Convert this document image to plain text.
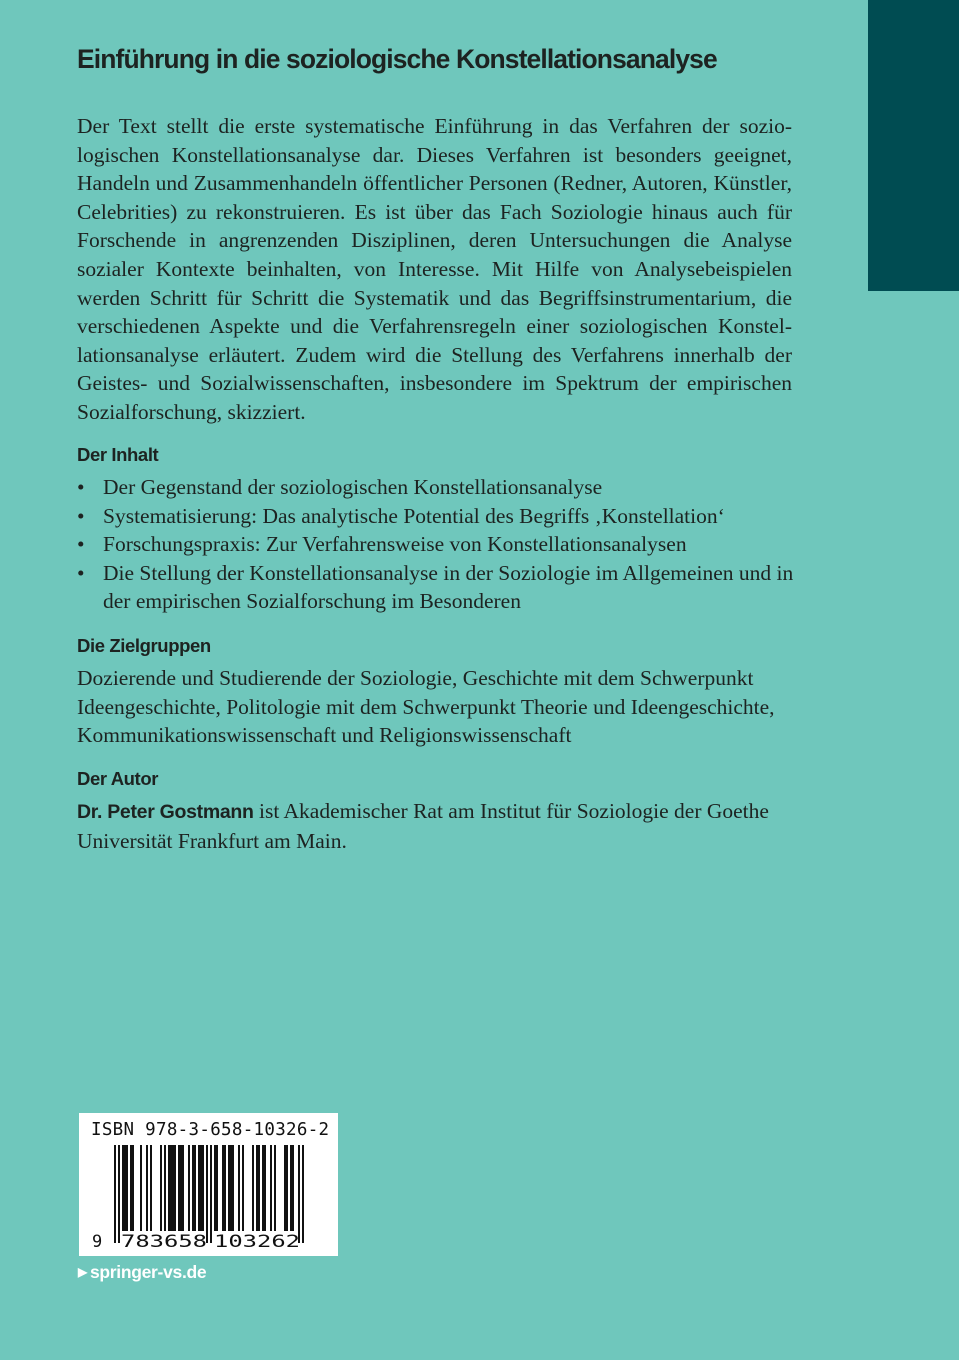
Einführung in die soziologische Konstellationsanalyse
Der Text stellt die erste systematische Einführung in das Verfahren der sozio-
logischen Konstellationsanalyse dar. Dieses Verfahren ist besonders geeignet,
Handeln und Zusammenhandeln öffentlicher Personen (Redner, Autoren, Künstler,
Celebrities) zu rekonstruieren. Es ist über das Fach Soziologie hinaus auch für
Forschende in angrenzenden Disziplinen, deren Untersuchungen die Analyse
sozialer Kontexte beinhalten, von Interesse. Mit Hilfe von Analysebeispielen
werden Schritt für Schritt die Systematik und das Begriffsinstrumentarium, die
verschiedenen Aspekte und die Verfahrensregeln einer soziologischen Konstel-
lationsanalyse erläutert. Zudem wird die Stellung des Verfahrens innerhalb der
Geistes- und Sozialwissenschaften, insbesondere im Spektrum der empirischen
Sozialforschung, skizziert.
Der Inhalt
• Der Gegenstand der soziologischen Konstellationsanalyse
• Systematisierung: Das analytische Potential des Begriffs ‚Konstellation‘
• Forschungspraxis: Zur Verfahrensweise von Konstellationsanalysen
• Die Stellung der Konstellationsanalyse in der Soziologie im Allgemeinen und in der empirischen Sozialforschung im Besonderen
Die Zielgruppen

Dozierende und Studierende der Soziologie, Geschichte mit dem Schwerpunkt Ideengeschichte, Politologie mit dem Schwerpunkt Theorie und Ideengeschichte, Kommunikationswissenschaft und Religionswissenschaft

Der Autor

Dr. Peter Gostmann ist Akademischer Rat am Institut für Soziologie der Goethe Universität Frankfurt am Main.

ISBN 978-3-658-10326-2
9 783658 103262
▶ springer-vs.de
